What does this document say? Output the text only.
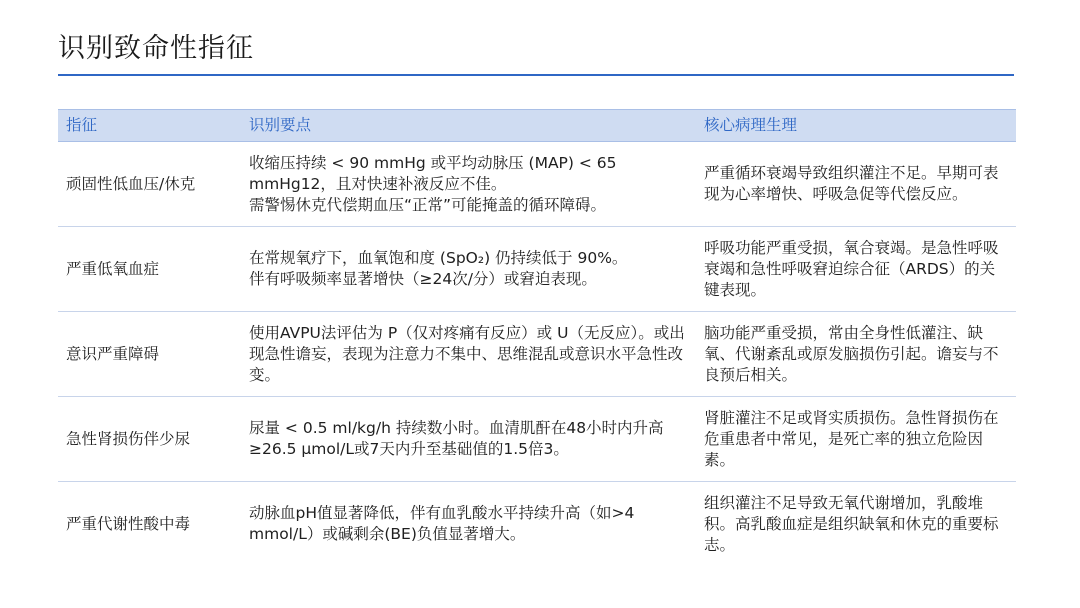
识别致命性指征
指征	识别要点	核心病理生理
顽固性低血压/休克
收缩压持续 < 90 mmHg 或平均动脉压 (MAP) < 65 mmHg12，且对快速补液反应不佳。
需警惕休克代偿期血压“正常”可能掩盖的循环障碍。
严重循环衰竭导致组织灌注不足。早期可表现为心率增快、呼吸急促等代偿反应。
严重低氧血症
在常规氧疗下，血氧饱和度 (SpO₂) 仍持续低于 90%。
伴有呼吸频率显著增快（≥24次/分）或窘迫表现。
呼吸功能严重受损，氧合衰竭。是急性呼吸衰竭和急性呼吸窘迫综合征（ARDS）的关键表现。
意识严重障碍
使用AVPU法评估为 P（仅对疼痛有反应）或 U（无反应）。或出现急性谵妄，表现为注意力不集中、思维混乱或意识水平急性改变。
脑功能严重受损，常由全身性低灌注、缺氧、代谢紊乱或原发脑损伤引起。谵妄与不良预后相关。
急性肾损伤伴少尿
尿量 < 0.5 ml/kg/h 持续数小时。血清肌酐在48小时内升高≥26.5 μmol/L或7天内升至基础值的1.5倍3。
肾脏灌注不足或肾实质损伤。急性肾损伤在危重患者中常见，是死亡率的独立危险因素。
严重代谢性酸中毒
动脉血pH值显著降低，伴有血乳酸水平持续升高（如>4 mmol/L）或碱剩余(BE)负值显著增大。
组织灌注不足导致无氧代谢增加，乳酸堆积。高乳酸血症是组织缺氧和休克的重要标志。
